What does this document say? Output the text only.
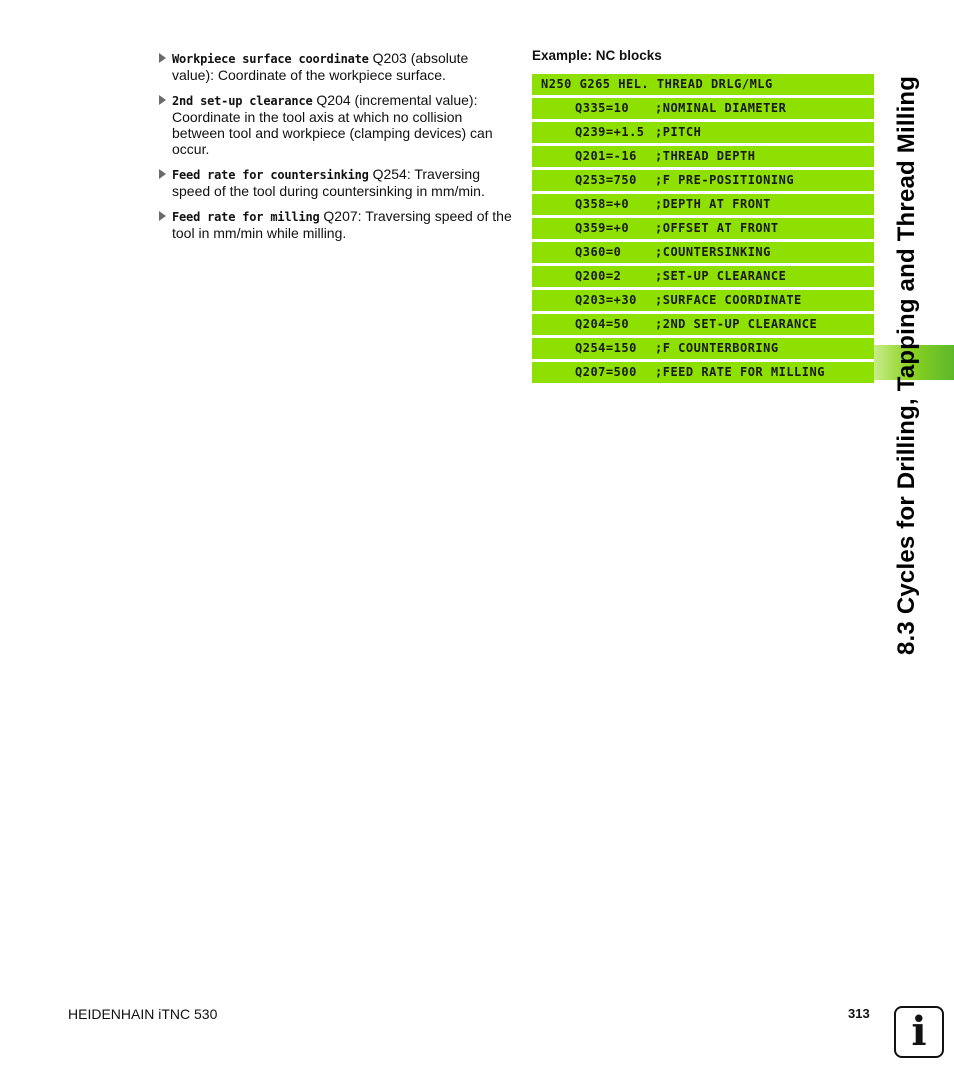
Workpiece surface coordinate Q203 (absolute value): Coordinate of the workpiece surface.
2nd set-up clearance Q204 (incremental value): Coordinate in the tool axis at which no collision between tool and workpiece (clamping devices) can occur.
Feed rate for countersinking Q254: Traversing speed of the tool during countersinking in mm/min.
Feed rate for milling Q207: Traversing speed of the tool in mm/min while milling.
Example: NC blocks
N250 G265 HEL. THREAD DRLG/MLG
Q335=10	;NOMINAL DIAMETER
Q239=+1.5 ;PITCH
Q201=-16	;THREAD DEPTH
Q253=750	;F PRE-POSITIONING
Q358=+0	;DEPTH AT FRONT
Q359=+0	;OFFSET AT FRONT
Q360=0	;COUNTERSINKING
Q200=2	;SET-UP CLEARANCE
Q203=+30	;SURFACE COORDINATE
Q204=50	;2ND SET-UP CLEARANCE
Q254=150	;F COUNTERBORING
Q207=500	;FEED RATE FOR MILLING	8.3 Cycles for Drilling, Tapping and Thread Milling
HEIDENHAIN iTNC 530	313	i
